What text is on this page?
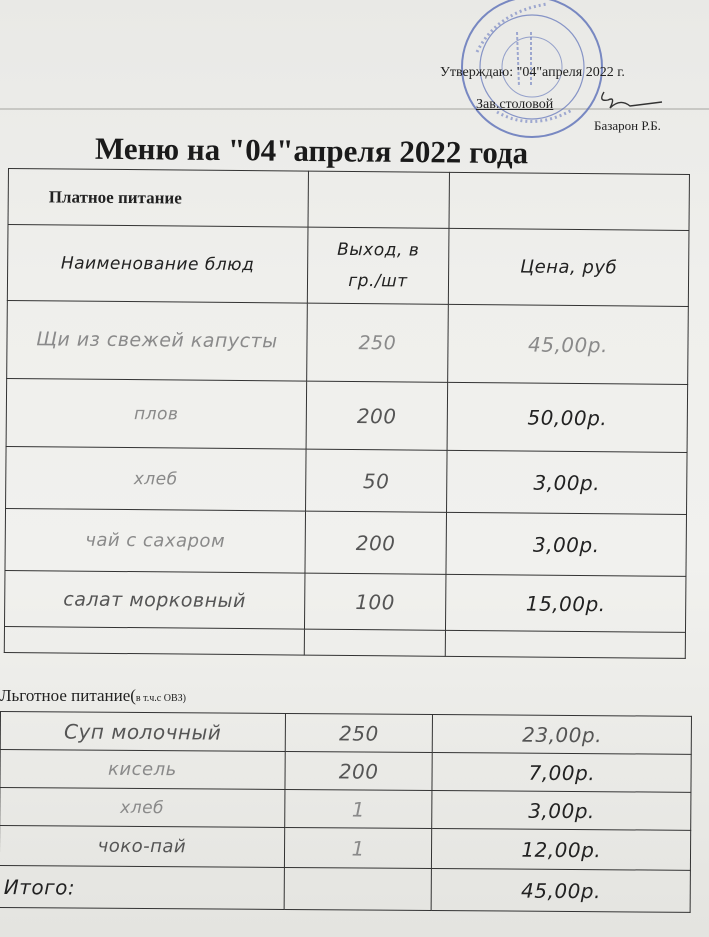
Утверждаю: "04"апреля 2022 г.
Зав.столовой
Базарон Р.Б.
Меню на "04"апреля 2022 года
Платное питание		
Наименование блюд	Выход, в гр./шт	Цена, руб
Щи из свежей капусты	250	45,00р.
плов	200	50,00р.
хлеб	50	3,00р.
чай с сахаром	200	3,00р.
салат морковный	100	15,00р.

Льготное питание(в т.ч.с ОВЗ)
Суп молочный	250	23,00р.
кисель	200	7,00р.
хлеб	1	3,00р.
чоко-пай	1	12,00р.
Итого:		45,00р.
